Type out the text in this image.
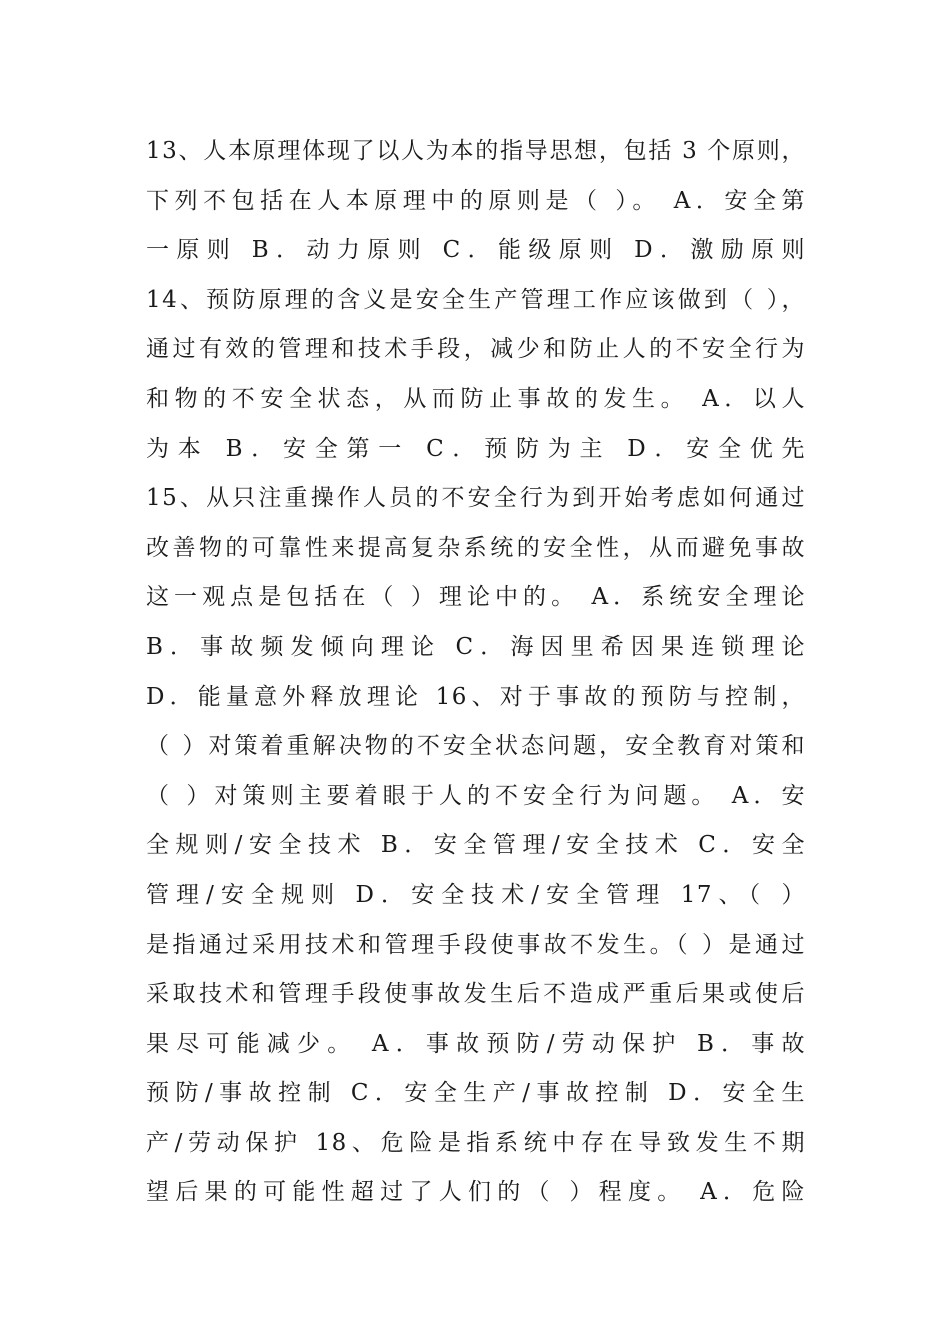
13、人本原理体现了以人为本的指导思想，包括 3 个原则，
下列不包括在人本原理中的原则是（ ）。 A．安全第
一原则 B．动力原则 C．能级原则 D．激励原则
14、预防原理的含义是安全生产管理工作应该做到（ ），
通过有效的管理和技术手段，减少和防止人的不安全行为
和物的不安全状态，从而防止事故的发生。 A．以人
为本 B．安全第一 C．预防为主 D．安全优先
15、从只注重操作人员的不安全行为到开始考虑如何通过
改善物的可靠性来提高复杂系统的安全性，从而避免事故
这一观点是包括在（ ）理论中的。 A．系统安全理论
B．事故频发倾向理论 C．海因里希因果连锁理论
D．能量意外释放理论 16、对于事故的预防与控制，
（ ）对策着重解决物的不安全状态问题，安全教育对策和
（ ）对策则主要着眼于人的不安全行为问题。 A．安
全规则/安全技术 B．安全管理/安全技术 C．安全
管理/安全规则 D．安全技术/安全管理 17、（ ）
是指通过采用技术和管理手段使事故不发生。（ ）是通过
采取技术和管理手段使事故发生后不造成严重后果或使后
果尽可能减少。 A．事故预防/劳动保护 B．事故
预防/事故控制 C．安全生产/事故控制 D．安全生
产/劳动保护 18、危险是指系统中存在导致发生不期
望后果的可能性超过了人们的（ ）程度。 A．危险
